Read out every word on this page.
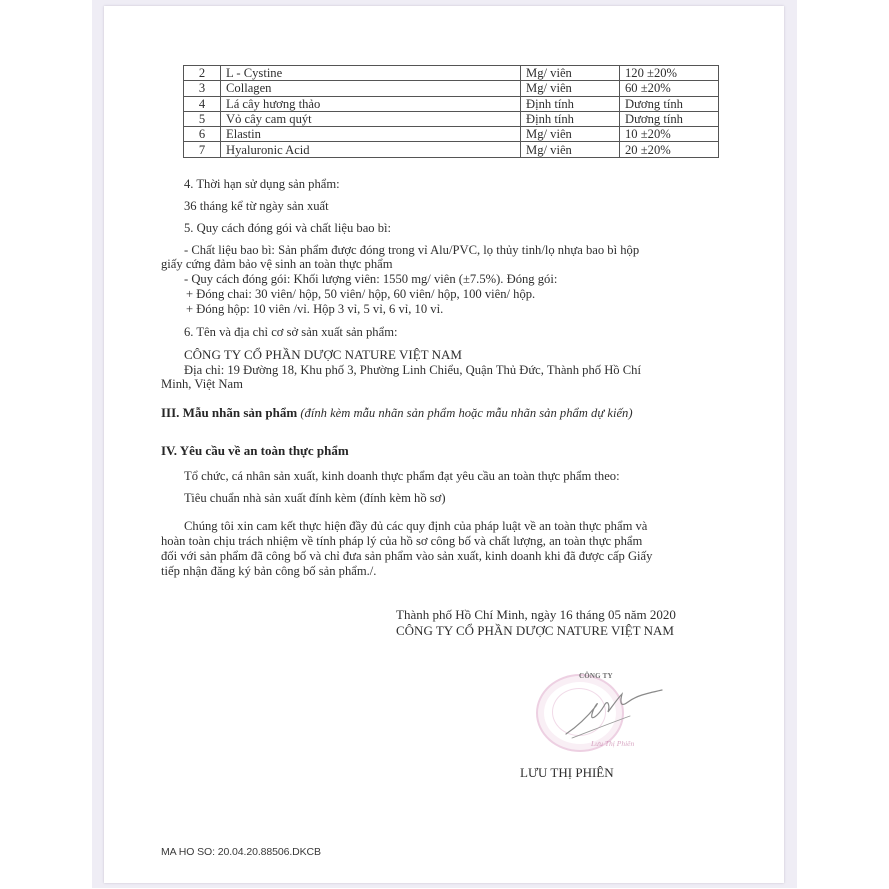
2	L - Cystine	Mg/ viên	120 ±20%
3	Collagen	Mg/ viên	60 ±20%
4	Lá cây hương thảo	Định tính	Dương tính
5	Vỏ cây cam quýt	Định tính	Dương tính
6	Elastin	Mg/ viên	10 ±20%
7	Hyaluronic Acid	Mg/ viên	20 ±20%
4. Thời hạn sử dụng sản phẩm:
36 tháng kể từ ngày sản xuất
5. Quy cách đóng gói và chất liệu bao bì:
- Chất liệu bao bì: Sản phẩm được đóng trong vỉ Alu/PVC, lọ thủy tinh/lọ nhựa bao bì hộp
giấy cứng đảm bảo vệ sinh an toàn thực phẩm
- Quy cách đóng gói: Khối lượng viên: 1550 mg/ viên (±7.5%). Đóng gói:
+ Đóng chai: 30 viên/ hộp, 50 viên/ hộp, 60 viên/ hộp, 100 viên/ hộp.
+ Đóng hộp: 10 viên /vỉ. Hộp 3 vỉ, 5 vỉ, 6 vỉ, 10 vỉ.
6. Tên và địa chỉ cơ sở sản xuất sản phẩm:
CÔNG TY CỔ PHẦN DƯỢC NATURE VIỆT NAM
Địa chỉ: 19 Đường 18, Khu phố 3, Phường Linh Chiểu, Quận Thủ Đức, Thành phố Hồ Chí
Minh, Việt Nam
III. Mẫu nhãn sản phẩm (đính kèm mẫu nhãn sản phẩm hoặc mẫu nhãn sản phẩm dự kiến)
IV. Yêu cầu về an toàn thực phẩm
Tổ chức, cá nhân sản xuất, kinh doanh thực phẩm đạt yêu cầu an toàn thực phẩm theo:
Tiêu chuẩn nhà sản xuất đính kèm (đính kèm hồ sơ)
Chúng tôi xin cam kết thực hiện đầy đủ các quy định của pháp luật về an toàn thực phẩm và
hoàn toàn chịu trách nhiệm về tính pháp lý của hồ sơ công bố và chất lượng, an toàn thực phẩm
đối với sản phẩm đã công bố và chỉ đưa sản phẩm vào sản xuất, kinh doanh khi đã được cấp Giấy
tiếp nhận đăng ký bản công bố sản phẩm./.
Thành phố Hồ Chí Minh, ngày 16 tháng 05 năm 2020
CÔNG TY CỔ PHẦN DƯỢC NATURE VIỆT NAM
CÔNG TY
Lưu Thị Phiên
LƯU THỊ PHIÊN
MA HO SO: 20.04.20.88506.DKCB
